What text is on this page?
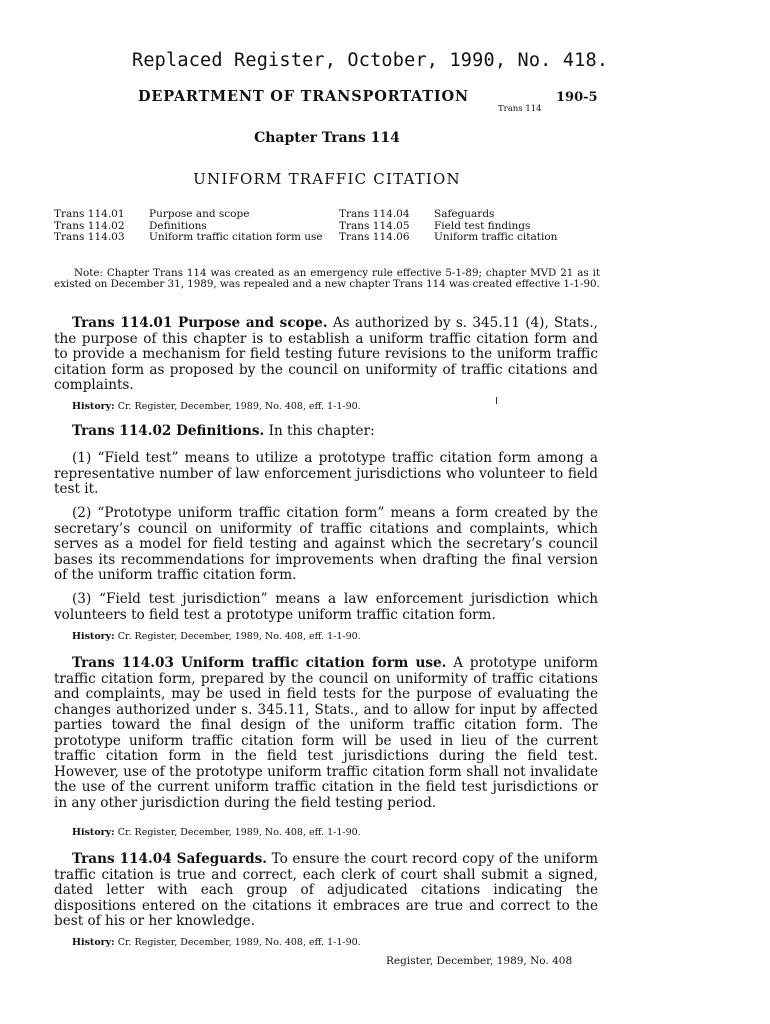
Replaced Register, October, 1990, No. 418.
DEPARTMENT OF TRANSPORTATION	190-5
Trans 114
Chapter Trans 114
UNIFORM TRAFFIC CITATION
Trans 114.01	Purpose and scope
Trans 114.02	Definitions
Trans 114.03	Uniform traffic citation form use
Trans 114.04	Safeguards
Trans 114.05	Field test findings
Trans 114.06	Uniform traffic citation
Note: Chapter Trans 114 was created as an emergency rule effective 5-1-89; chapter MVD 21 as it existed on December 31, 1989, was repealed and a new chapter Trans 114 was created effective 1-1-90.

Trans 114.01 Purpose and scope. As authorized by s. 345.11 (4), Stats., the purpose of this chapter is to establish a uniform traffic citation form and to provide a mechanism for field testing future revisions to the uniform traffic citation form as proposed by the council on uniformity of traffic citations and complaints.

History: Cr. Register, December, 1989, No. 408, eff. 1-1-90.

Trans 114.02 Definitions. In this chapter:

(1) “Field test” means to utilize a prototype traffic citation form among a representative number of law enforcement jurisdictions who volunteer to field test it.

(2) “Prototype uniform traffic citation form” means a form created by the secretary’s council on uniformity of traffic citations and complaints, which serves as a model for field testing and against which the secretary’s council bases its recommendations for improvements when drafting the final version of the uniform traffic citation form.

(3) “Field test jurisdiction” means a law enforcement jurisdiction which volunteers to field test a prototype uniform traffic citation form.

History: Cr. Register, December, 1989, No. 408, eff. 1-1-90.

Trans 114.03 Uniform traffic citation form use. A prototype uniform traffic citation form, prepared by the council on uniformity of traffic citations and complaints, may be used in field tests for the purpose of evaluating the changes authorized under s. 345.11, Stats., and to allow for input by affected parties toward the final design of the uniform traffic citation form. The prototype uniform traffic citation form will be used in lieu of the current traffic citation form in the field test jurisdictions during the field test. However, use of the prototype uniform traffic citation form shall not invalidate the use of the current uniform traffic citation in the field test jurisdictions or in any other jurisdiction during the field testing period.

History: Cr. Register, December, 1989, No. 408, eff. 1-1-90.

Trans 114.04 Safeguards. To ensure the court record copy of the uniform traffic citation is true and correct, each clerk of court shall submit a signed, dated letter with each group of adjudicated citations indicating the dispositions entered on the citations it embraces are true and correct to the best of his or her knowledge.

History: Cr. Register, December, 1989, No. 408, eff. 1-1-90.
Register, December, 1989, No. 408
